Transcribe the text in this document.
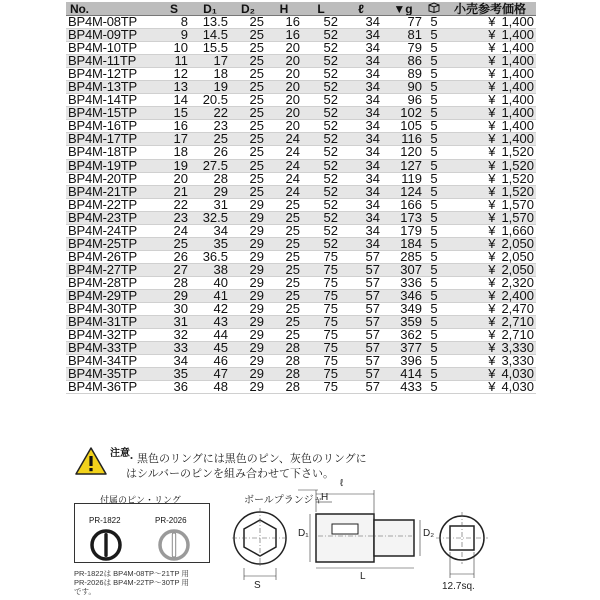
No.	S	D₁	D₂	H	L	ℓ	▼g		小売参考価格
BP4M-08TP	8	13.5	25	16	52	34	77	5	¥ 1,400
BP4M-09TP	9	14.5	25	16	52	34	81	5	¥ 1,400
BP4M-10TP	10	15.5	25	20	52	34	79	5	¥ 1,400
BP4M-11TP	11	17	25	20	52	34	86	5	¥ 1,400
BP4M-12TP	12	18	25	20	52	34	89	5	¥ 1,400
BP4M-13TP	13	19	25	20	52	34	90	5	¥ 1,400
BP4M-14TP	14	20.5	25	20	52	34	96	5	¥ 1,400
BP4M-15TP	15	22	25	20	52	34	102	5	¥ 1,400
BP4M-16TP	16	23	25	20	52	34	105	5	¥ 1,400
BP4M-17TP	17	25	25	24	52	34	116	5	¥ 1,400
BP4M-18TP	18	26	25	24	52	34	120	5	¥ 1,520
BP4M-19TP	19	27.5	25	24	52	34	127	5	¥ 1,520
BP4M-20TP	20	28	25	24	52	34	119	5	¥ 1,520
BP4M-21TP	21	29	25	24	52	34	124	5	¥ 1,520
BP4M-22TP	22	31	29	25	52	34	166	5	¥ 1,570
BP4M-23TP	23	32.5	29	25	52	34	173	5	¥ 1,570
BP4M-24TP	24	34	29	25	52	34	179	5	¥ 1,660
BP4M-25TP	25	35	29	25	52	34	184	5	¥ 2,050
BP4M-26TP	26	36.5	29	25	75	57	285	5	¥ 2,050
BP4M-27TP	27	38	29	25	75	57	307	5	¥ 2,050
BP4M-28TP	28	40	29	25	75	57	336	5	¥ 2,320
BP4M-29TP	29	41	29	25	75	57	346	5	¥ 2,400
BP4M-30TP	30	42	29	25	75	57	349	5	¥ 2,470
BP4M-31TP	31	43	29	25	75	57	359	5	¥ 2,710
BP4M-32TP	32	44	29	25	75	57	362	5	¥ 2,710
BP4M-33TP	33	45	29	28	75	57	377	5	¥ 3,330
BP4M-34TP	34	46	29	28	75	57	396	5	¥ 3,330
BP4M-35TP	35	47	29	28	75	57	414	5	¥ 4,030
BP4M-36TP	36	48	29	28	75	57	433	5	¥ 4,030
注意
・黒色のリングには黒色のピン、灰色のリングに
はシルバーのピンを組み合わせて下さい。
付属のピン・リング
PR-1822	PR-2026
PR-1822は BP4M-08TP～21TP 用
PR-2026は BP4M-22TP～30TP 用
です。
ボールプランジャ
ℓ
H
D₁	D₂
S
L
12.7sq.
